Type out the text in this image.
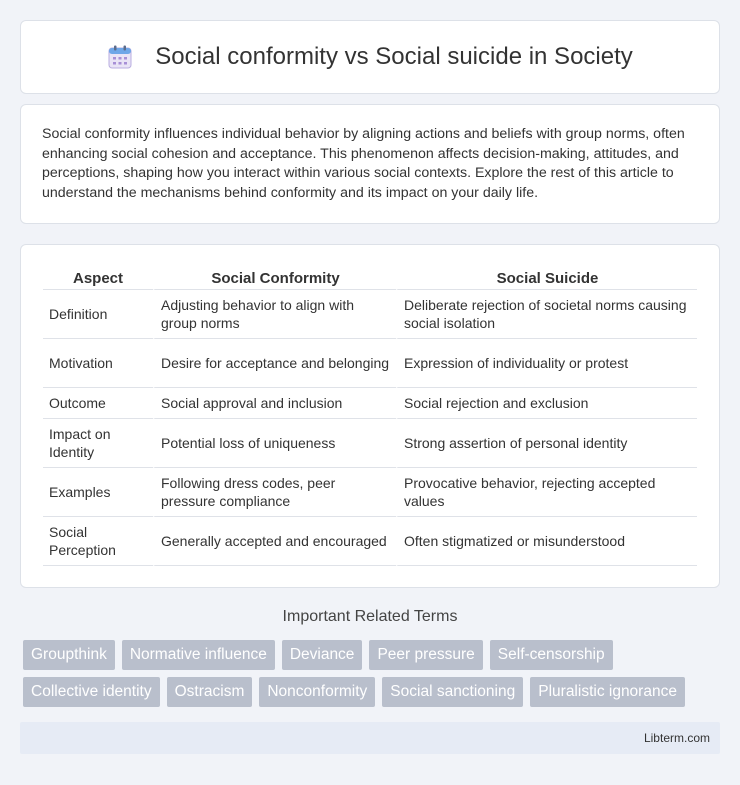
Social conformity vs Social suicide in Society

Social conformity influences individual behavior by aligning actions and beliefs with group norms, often enhancing social cohesion and acceptance. This phenomenon affects decision-making, attitudes, and perceptions, shaping how you interact within various social contexts. Explore the rest of this article to understand the mechanisms behind conformity and its impact on your daily life.

Aspect	Social Conformity	Social Suicide
Definition	Adjusting behavior to align with group norms	Deliberate rejection of societal norms causing social isolation
Motivation	Desire for acceptance and belonging	Expression of individuality or protest
Outcome	Social approval and inclusion	Social rejection and exclusion
Impact on Identity	Potential loss of uniqueness	Strong assertion of personal identity
Examples	Following dress codes, peer pressure compliance	Provocative behavior, rejecting accepted values
Social Perception	Generally accepted and encouraged	Often stigmatized or misunderstood
Important Related Terms
Groupthink	Normative influence	Deviance	Peer pressure	Self-censorship
Collective identity	Ostracism	Nonconformity	Social sanctioning	Pluralistic ignorance
Libterm.com
